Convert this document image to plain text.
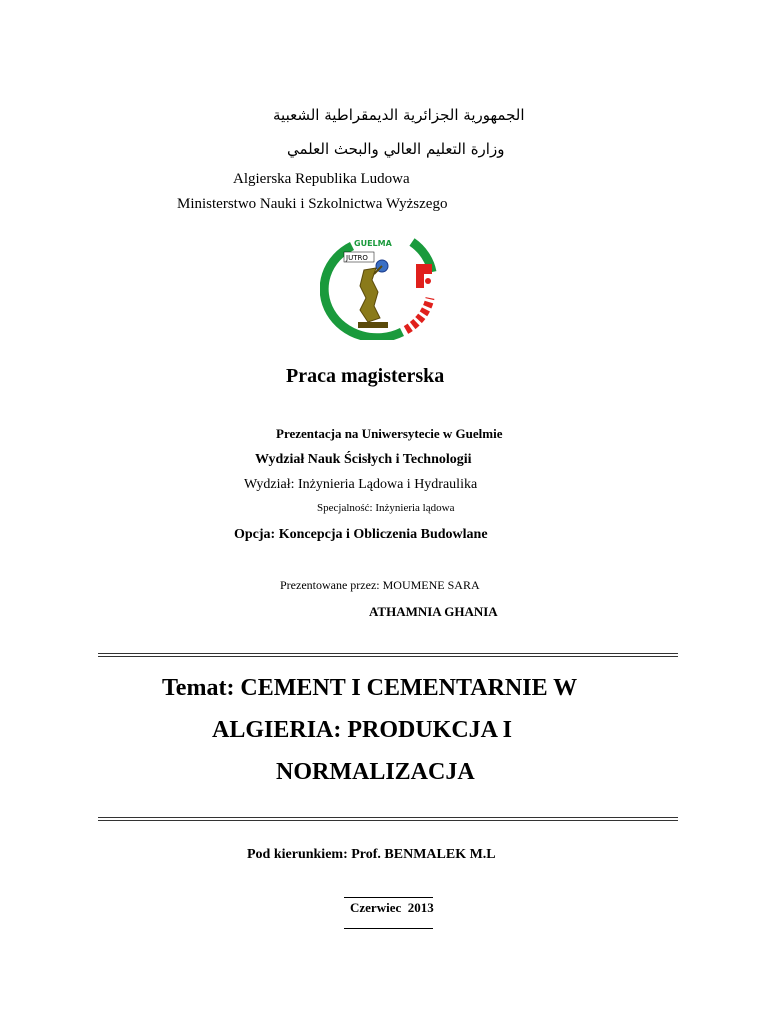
الجمهورية الجزائرية الديمقراطية الشعبية
وزارة التعليم العالي والبحث العلمي
Algierska Republika Ludowa
Ministerstwo Nauki i Szkolnictwa Wyższego
GUELMA
JUTRO
Praca magisterska
Prezentacja na Uniwersytecie w Guelmie
Wydział Nauk Ścisłych i Technologii
Wydział: Inżynieria Lądowa i Hydraulika
Specjalność: Inżynieria lądowa
Opcja: Koncepcja i Obliczenia Budowlane
Prezentowane przez: MOUMENE SARA
ATHAMNIA GHANIA
Temat: CEMENT I CEMENTARNIE W
ALGIERIA: PRODUKCJA I
NORMALIZACJA
Pod kierunkiem: Prof. BENMALEK M.L
Czerwiec  2013
